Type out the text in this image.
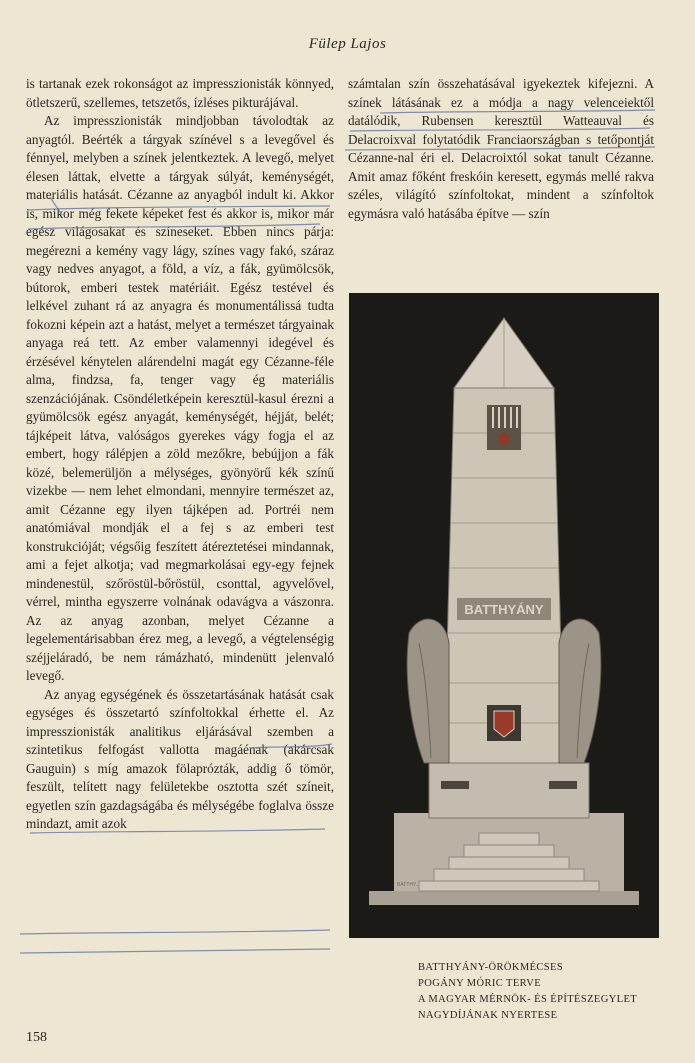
Fülep Lajos

is tartanak ezek rokonságot az impresszionisták könnyed, ötletszerű, szellemes, tetszetős, ízléses pikturájával.

Az impresszionisták mindjobban távolodtak az anyagtól. Beérték a tárgyak színével s a levegővel és fénnyel, melyben a színek jelentkeztek. A levegő, melyet élesen láttak, elvette a tárgyak súlyát, keménységét, materiális hatását. Cézanne az anyagból indult ki. Akkor is, mikor még fekete képeket fest és akkor is, mikor már egész világosakat és színeseket. Ebben nincs párja: megérezni a kemény vagy lágy, színes vagy fakó, száraz vagy nedves anyagot, a föld, a víz, a fák, gyümölcsök, bútorok, emberi testek matériáit. Egész testével és lelkével zuhant rá az anyagra és monumentálissá tudta fokozni képein azt a hatást, melyet a természet tárgyainak anyaga reá tett. Az ember valamennyi idegével és érzésével kénytelen alárendelni magát egy Cézanne-féle alma, findzsa, fa, tenger vagy ég materiális szenzációjának. Csöndéletképein keresztül-kasul érezni a gyümölcsök egész anyagát, keménységét, héjját, belét; tájképeit látva, valóságos gyerekes vágy fogja el az embert, hogy rálépjen a zöld mezőkre, bebújjon a fák közé, belemerüljön a mélységes, gyönyörű kék színű vizekbe — nem lehet elmondani, mennyire természet az, amit Cézanne egy ilyen tájképen ad. Portréi nem anatómiával mondják el a fej s az emberi test konstrukcióját; végsőig feszített átéreztetései mindannak, ami a fejet alkotja; vad megmarkolásai egy-egy fejnek mindenestül, szőröstül-bőröstül, csonttal, agyvelővel, vérrel, mintha egyszerre volnának odavágva a vászonra. Az az anyag azonban, melyet Cézanne a legelementárisabban érez meg, a levegő, a végtelenségig széjjeláradó, be nem rámázható, mindenütt jelenvaló levegő.

Az anyag egységének és összetartásának hatását csak egységes és összetartó színfoltokkal érhette el. Az impresszionisták analitikus eljárásával szemben a szintetikus felfogást vallotta magáénak (akárcsak Gauguin) s míg amazok fölaprózták, addig ő tömör, feszült, telített nagy felületekbe osztotta szét színeit, egyetlen szín gazdagságába és mélységébe foglalva össze mindazt, amit azok

számtalan szín összehatásával igyekeztek kifejezni. A színek látásának ez a módja a nagy velenceiektől datálódik, Rubensen keresztül Watteauval és Delacroixval folytatódik Franciaországban s tetőpontját Cézanne-nal éri el. Delacroixtól sokat tanult Cézanne. Amit amaz főként freskóin keresett, egymás mellé rakva széles, világító színfoltokat, mindent a színfoltok egymásra való hatásába építve — szín

BATTHYÁNY
BATTHY...
BATTHYÁNY-ÖRÖKMÉCSES
POGÁNY MÓRIC TERVE
A MAGYAR MÉRNÖK- ÉS ÉPÍTÉSZEGYLET
NAGYDÍJÁNAK NYERTESE
158
